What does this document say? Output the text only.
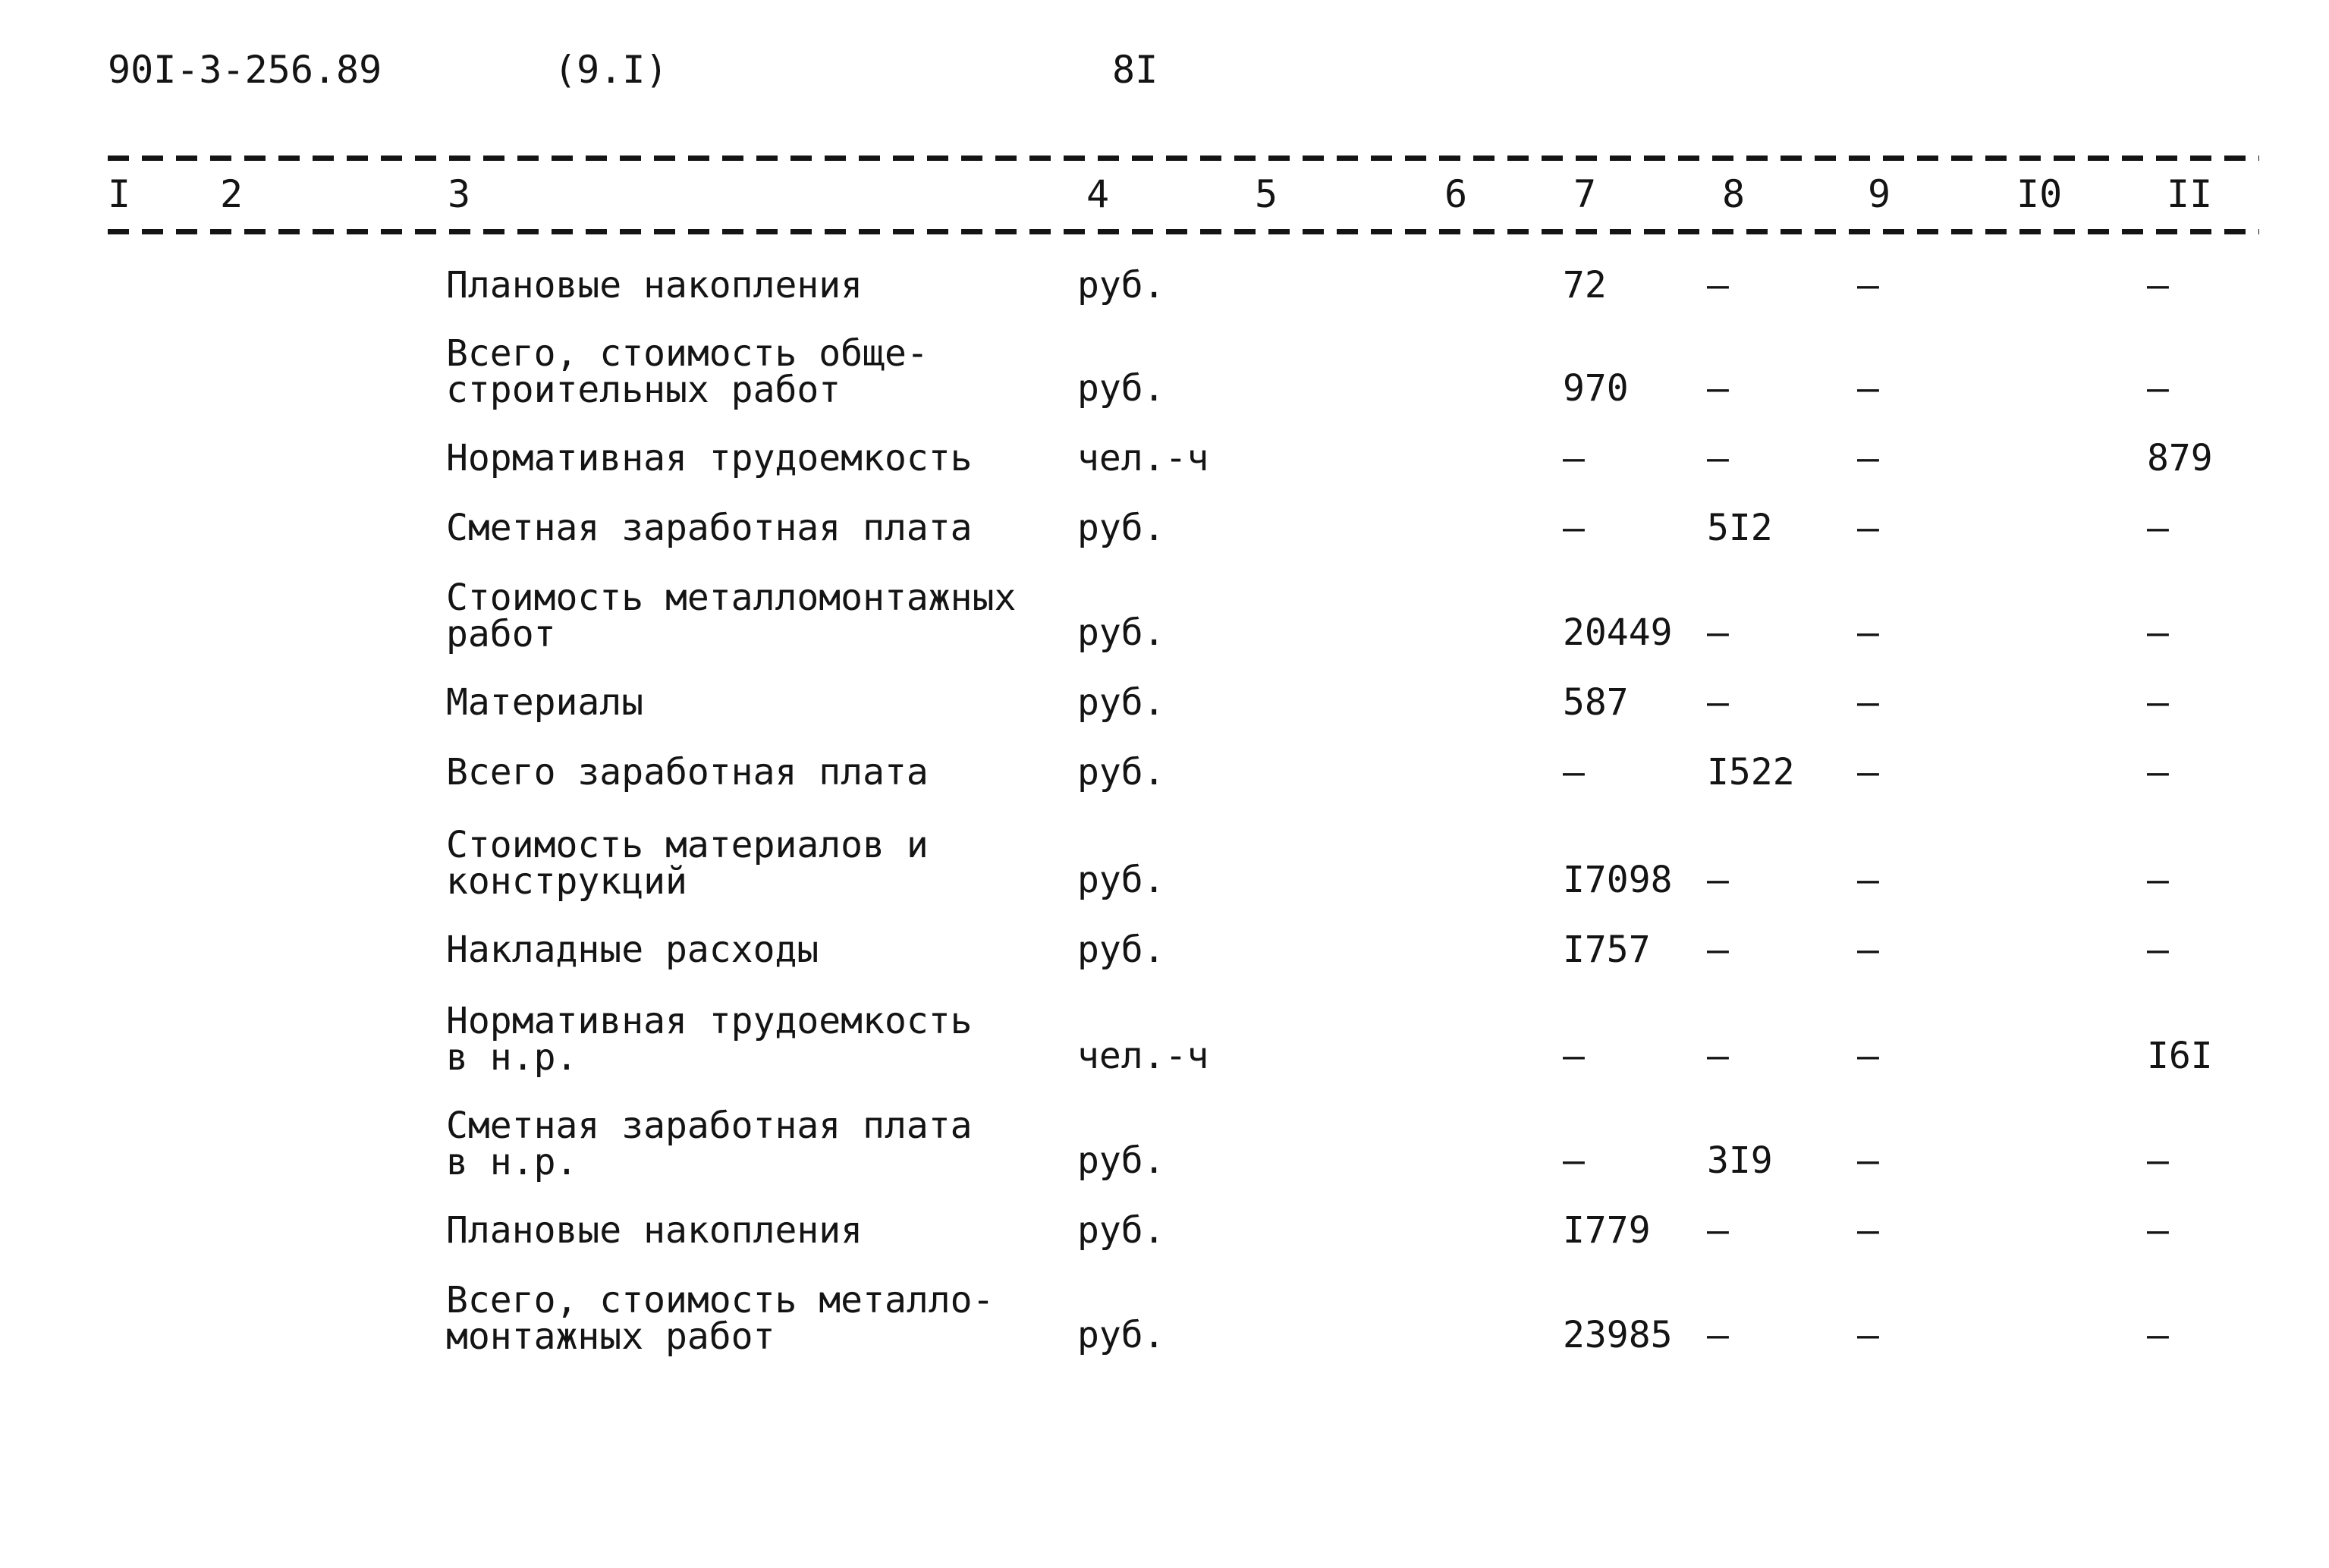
90I-3-256.89	(9.I)	8I
I 2	3	4	5	6	7	8	9	I0	II
Плановые накопления	руб.	72	–	–	–
Всего, стоимость обще-
строительных работ	руб.	970 –	–	–
Нормативная трудоемкость	чел.-ч	–	–	–	879
Сметная заработная плата	руб.	–	5I2 –	–
Стоимость металломонтажных
работ	руб.	20449 –	–	–
Материалы	руб.	587 –	–	–
Всего заработная плата	руб.	–	I522 –	–
Стоимость материалов и
конструкций	руб.	I7098 –	–	–
Накладные расходы	руб.	I757 –	–	–
Нормативная трудоемкость
в н.р.	чел.-ч	–	–	–	I6I
Сметная заработная плата
в н.р.	руб.	–	3I9 –	–
Плановые накопления	руб.	I779 –	–	–
Всего, стоимость металло-
монтажных работ	руб.	23985 –	–	–
